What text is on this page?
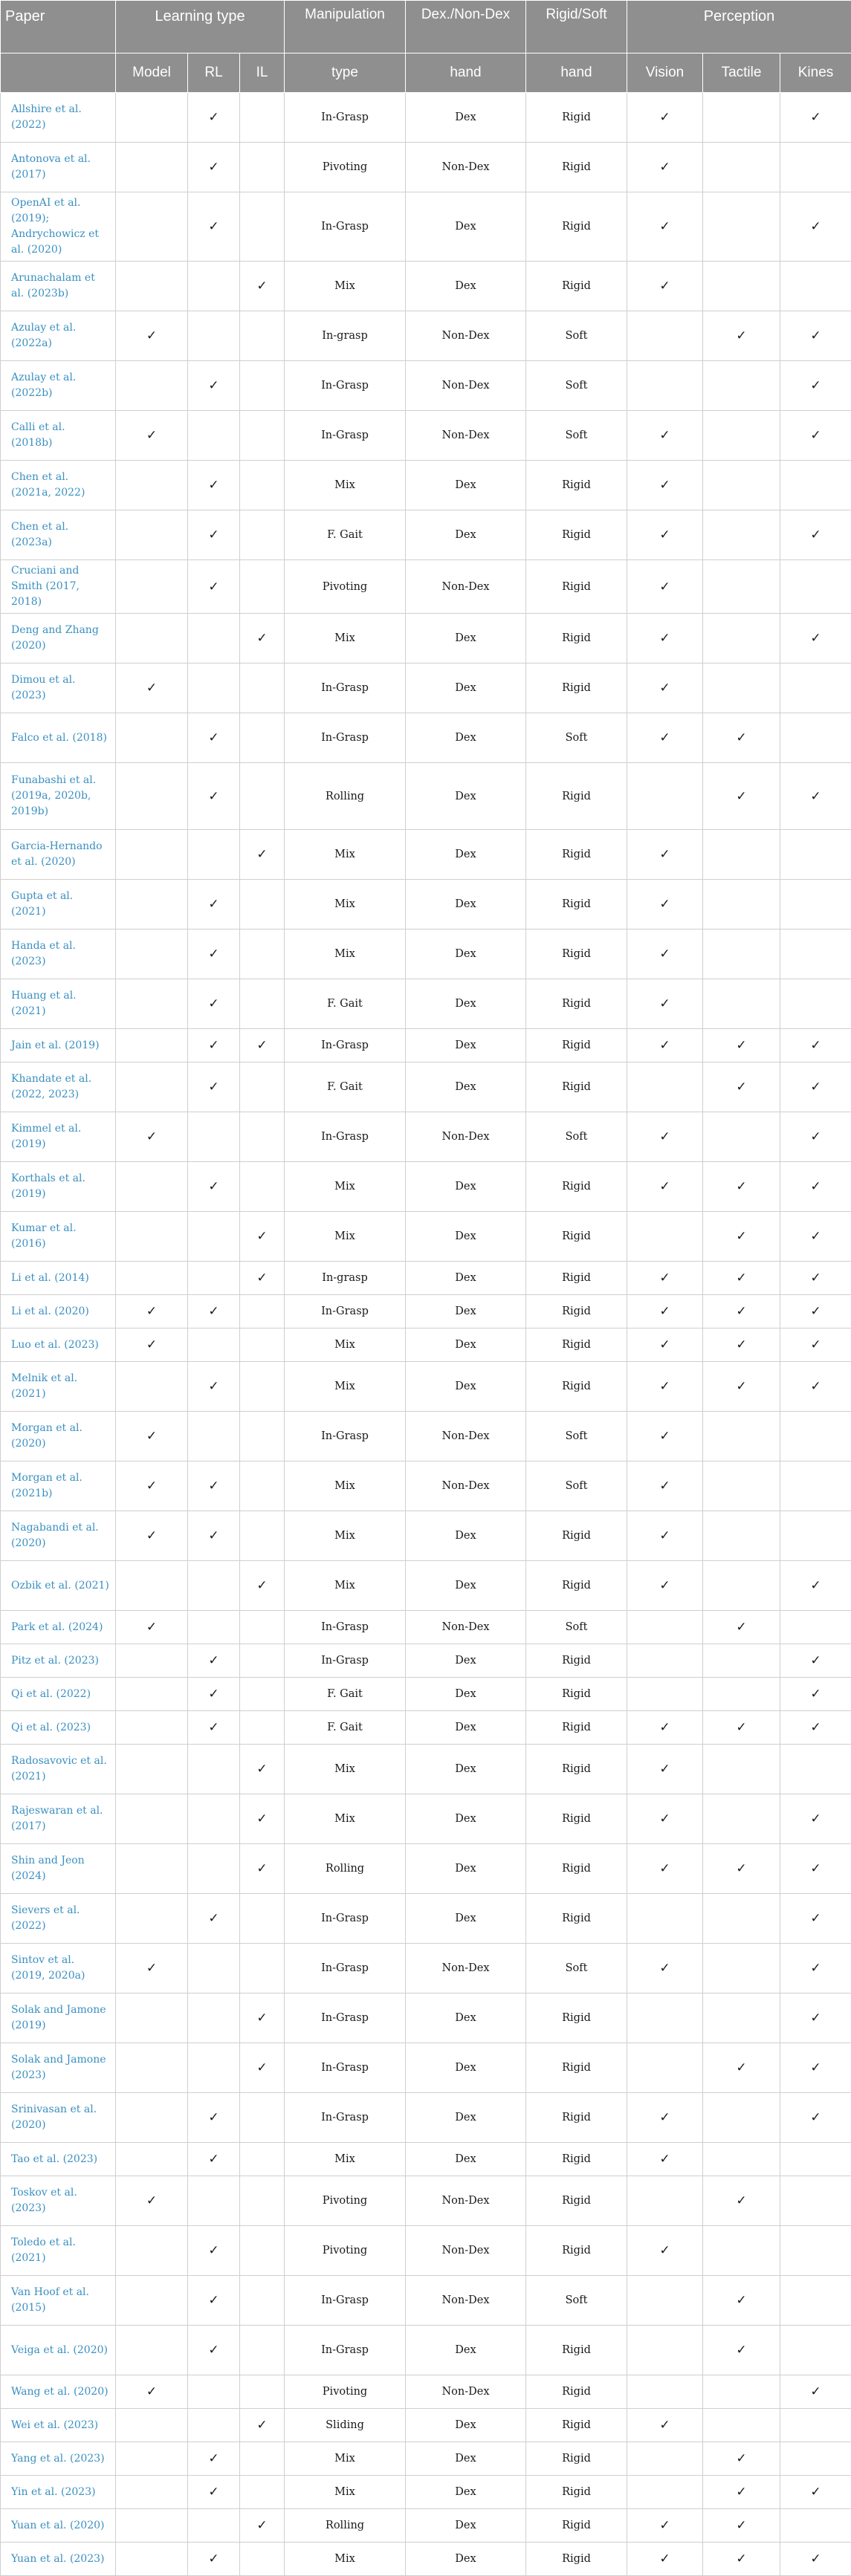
Paper	Learning type			Manipulation	Dex./Non-Dex	Rigid/Soft	Perception		
	Model	RL	IL	type	hand	hand	Vision	Tactile	Kines
Allshire et al. (2022)		✓		In-Grasp	Dex	Rigid	✓		✓
Antonova et al. (2017)		✓		Pivoting	Non-Dex	Rigid	✓		
OpenAI et al. (2019); Andrychowicz et al. (2020)		✓		In-Grasp	Dex	Rigid	✓		✓
Arunachalam et al. (2023b)			✓	Mix	Dex	Rigid	✓		
Azulay et al. (2022a)	✓			In-grasp	Non-Dex	Soft		✓	✓
Azulay et al. (2022b)		✓		In-Grasp	Non-Dex	Soft			✓
Calli et al. (2018b)	✓			In-Grasp	Non-Dex	Soft	✓		✓
Chen et al. (2021a, 2022)		✓		Mix	Dex	Rigid	✓		
Chen et al. (2023a)		✓		F. Gait	Dex	Rigid	✓		✓
Cruciani and Smith (2017, 2018)		✓		Pivoting	Non-Dex	Rigid	✓		
Deng and Zhang (2020)			✓	Mix	Dex	Rigid	✓		✓
Dimou et al. (2023)	✓			In-Grasp	Dex	Rigid	✓		
Falco et al. (2018)		✓		In-Grasp	Dex	Soft	✓	✓	
Funabashi et al. (2019a, 2020b, 2019b)		✓		Rolling	Dex	Rigid		✓	✓
Garcia-Hernando et al. (2020)			✓	Mix	Dex	Rigid	✓		
Gupta et al. (2021)		✓		Mix	Dex	Rigid	✓		
Handa et al. (2023)		✓		Mix	Dex	Rigid	✓		
Huang et al. (2021)		✓		F. Gait	Dex	Rigid	✓		
Jain et al. (2019)		✓	✓	In-Grasp	Dex	Rigid	✓	✓	✓
Khandate et al. (2022, 2023)		✓		F. Gait	Dex	Rigid		✓	✓
Kimmel et al. (2019)	✓			In-Grasp	Non-Dex	Soft	✓		✓
Korthals et al. (2019)		✓		Mix	Dex	Rigid	✓	✓	✓
Kumar et al. (2016)			✓	Mix	Dex	Rigid		✓	✓
Li et al. (2014)			✓	In-grasp	Dex	Rigid	✓	✓	✓
Li et al. (2020)	✓	✓		In-Grasp	Dex	Rigid	✓	✓	✓
Luo et al. (2023)	✓			Mix	Dex	Rigid	✓	✓	✓
Melnik et al. (2021)		✓		Mix	Dex	Rigid	✓	✓	✓
Morgan et al. (2020)	✓			In-Grasp	Non-Dex	Soft	✓		
Morgan et al. (2021b)	✓	✓		Mix	Non-Dex	Soft	✓		
Nagabandi et al. (2020)	✓	✓		Mix	Dex	Rigid	✓		
Ozbik et al. (2021)			✓	Mix	Dex	Rigid	✓		✓
Park et al. (2024)	✓			In-Grasp	Non-Dex	Soft		✓	
Pitz et al. (2023)		✓		In-Grasp	Dex	Rigid			✓
Qi et al. (2022)		✓		F. Gait	Dex	Rigid			✓
Qi et al. (2023)		✓		F. Gait	Dex	Rigid	✓	✓	✓
Radosavovic et al. (2021)			✓	Mix	Dex	Rigid	✓		
Rajeswaran et al. (2017)			✓	Mix	Dex	Rigid	✓		✓
Shin and Jeon (2024)			✓	Rolling	Dex	Rigid	✓	✓	✓
Sievers et al. (2022)		✓		In-Grasp	Dex	Rigid			✓
Sintov et al. (2019, 2020a)	✓			In-Grasp	Non-Dex	Soft	✓		✓
Solak and Jamone (2019)			✓	In-Grasp	Dex	Rigid			✓
Solak and Jamone (2023)			✓	In-Grasp	Dex	Rigid		✓	✓
Srinivasan et al. (2020)		✓		In-Grasp	Dex	Rigid	✓		✓
Tao et al. (2023)		✓		Mix	Dex	Rigid	✓		
Toskov et al. (2023)	✓			Pivoting	Non-Dex	Rigid		✓	
Toledo et al. (2021)		✓		Pivoting	Non-Dex	Rigid	✓		
Van Hoof et al. (2015)		✓		In-Grasp	Non-Dex	Soft		✓	
Veiga et al. (2020)		✓		In-Grasp	Dex	Rigid		✓	
Wang et al. (2020)	✓			Pivoting	Non-Dex	Rigid			✓
Wei et al. (2023)			✓	Sliding	Dex	Rigid	✓		
Yang et al. (2023)		✓		Mix	Dex	Rigid		✓	
Yin et al. (2023)		✓		Mix	Dex	Rigid		✓	✓
Yuan et al. (2020)			✓	Rolling	Dex	Rigid	✓	✓	
Yuan et al. (2023)		✓		Mix	Dex	Rigid	✓	✓	✓
